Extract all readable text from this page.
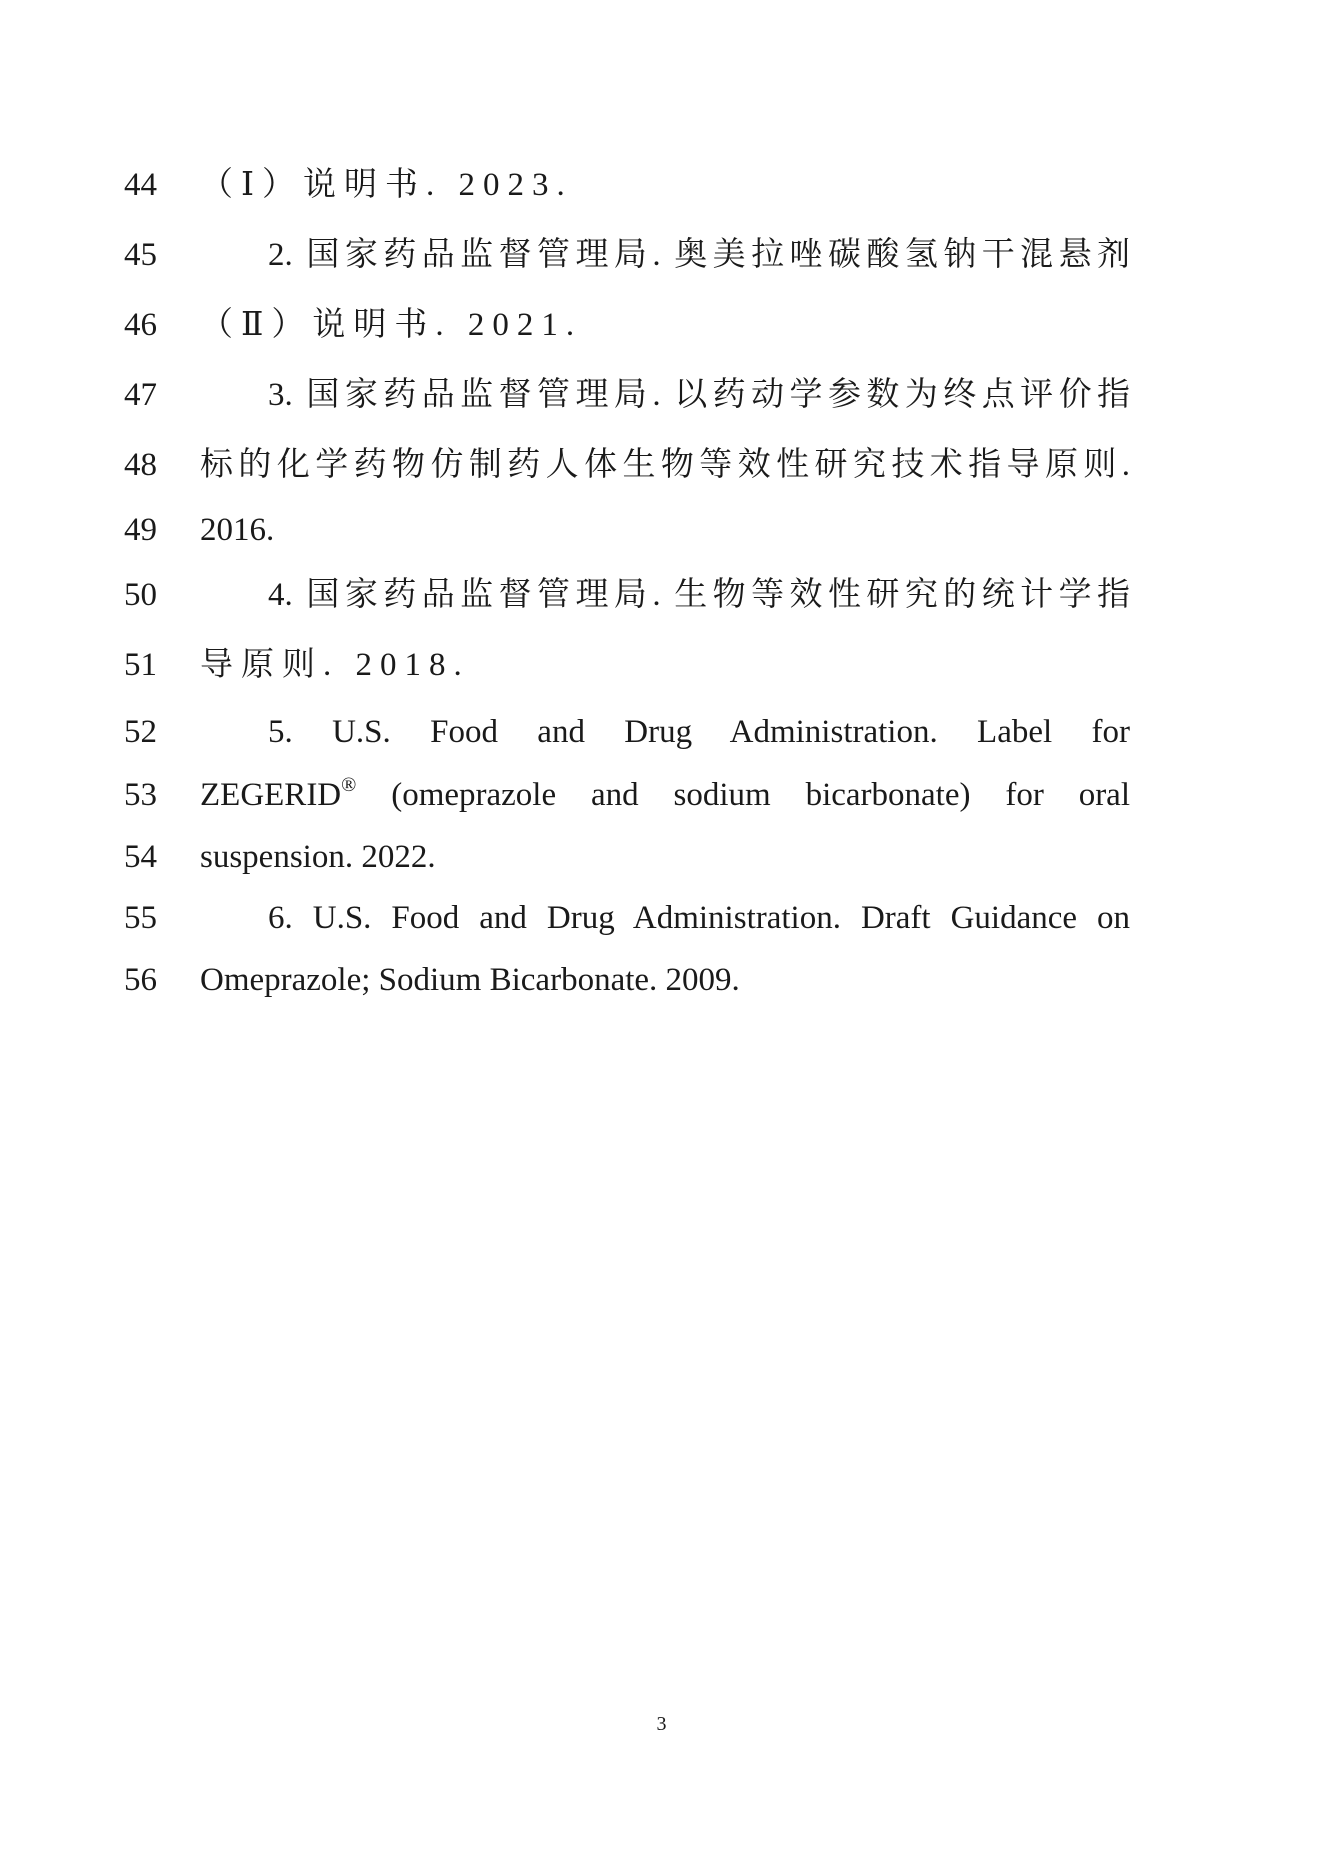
44 （Ⅰ）说明书. 2023.
45	2. 国家药品监督管理局. 奥美拉唑碳酸氢钠干混悬剂
46 （Ⅱ）说明书. 2021.
47	3. 国家药品监督管理局. 以药动学参数为终点评价指
48 标的化学药物仿制药人体生物等效性研究技术指导原则.
49 2016.
50	4. 国家药品监督管理局. 生物等效性研究的统计学指
51 导原则. 2018.
52	5. U.S. Food and Drug Administration. Label for
53 ZEGERID® (omeprazole and sodium bicarbonate) for oral
54 suspension. 2022.
55	6. U.S. Food and Drug Administration. Draft Guidance on
56 Omeprazole; Sodium Bicarbonate. 2009.
3
